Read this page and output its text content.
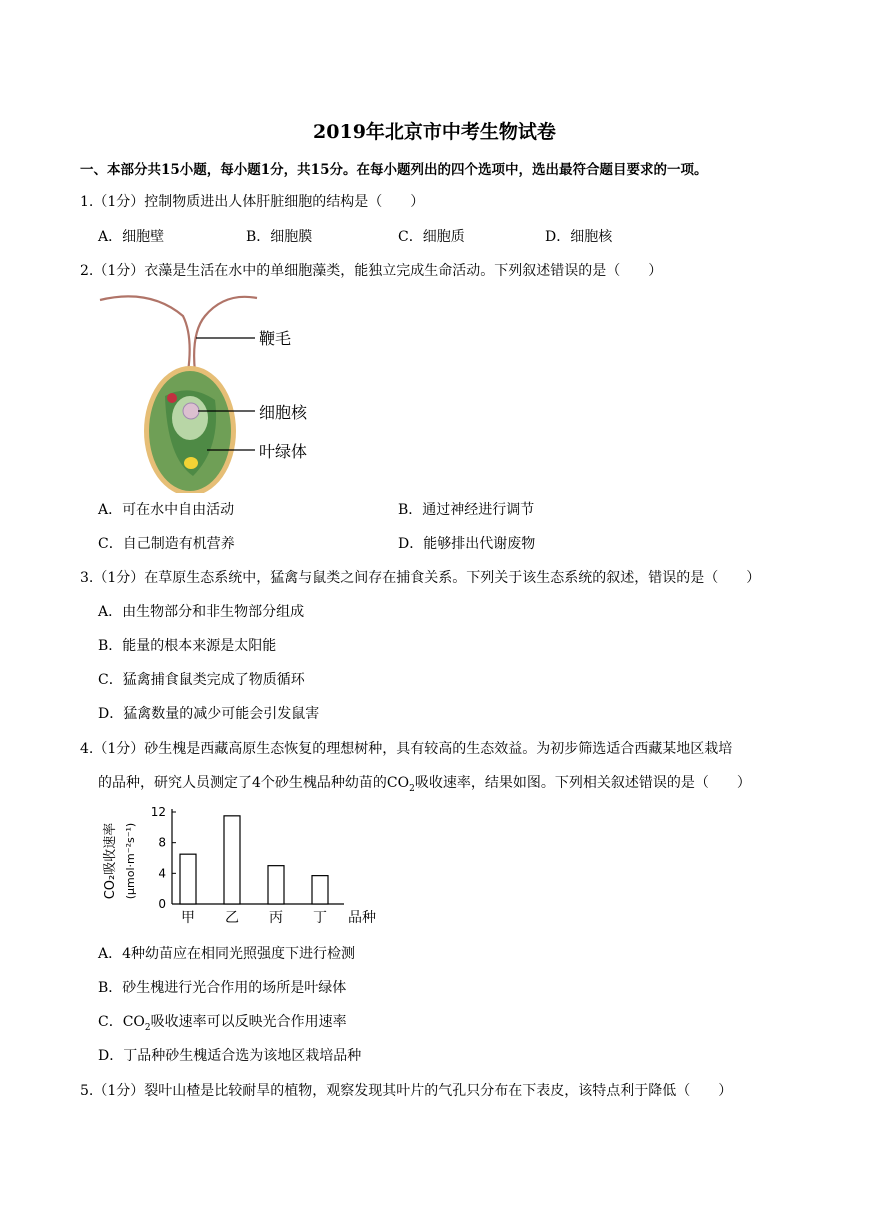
2019年北京市中考生物试卷
一、本部分共15小题，每小题1分，共15分。在每小题列出的四个选项中，选出最符合题目要求的一项。
1.（1分）控制物质进出人体肝脏细胞的结构是（　　）
A．细胞壁	B．细胞膜	C．细胞质	D．细胞核
2.（1分）衣藻是生活在水中的单细胞藻类，能独立完成生命活动。下列叙述错误的是（　　）
鞭毛
细胞核
叶绿体
A．可在水中自由活动	B．通过神经进行调节
C．自己制造有机营养	D．能够排出代谢废物
3.（1分）在草原生态系统中，猛禽与鼠类之间存在捕食关系。下列关于该生态系统的叙述，错误的是（　　）
A．由生物部分和非生物部分组成
B．能量的根本来源是太阳能
C．猛禽捕食鼠类完成了物质循环
D．猛禽数量的减少可能会引发鼠害
4.（1分）砂生槐是西藏高原生态恢复的理想树种，具有较高的生态效益。为初步筛选适合西藏某地区栽培
的品种，研究人员测定了4个砂生槐品种幼苗的$CO_2$吸收速率，结果如图。下列相关叙述错误的是（　　）
CO₂吸收速率 (μmol·m⁻²s⁻¹)
0
4
8
12
甲 乙 丙 丁 品种
A．4种幼苗应在相同光照强度下进行检测
B．砂生槐进行光合作用的场所是叶绿体
C．$CO_2$吸收速率可以反映光合作用速率
D．丁品种砂生槐适合选为该地区栽培品种
5.（1分）裂叶山楂是比较耐旱的植物，观察发现其叶片的气孔只分布在下表皮，该特点利于降低（　　）
